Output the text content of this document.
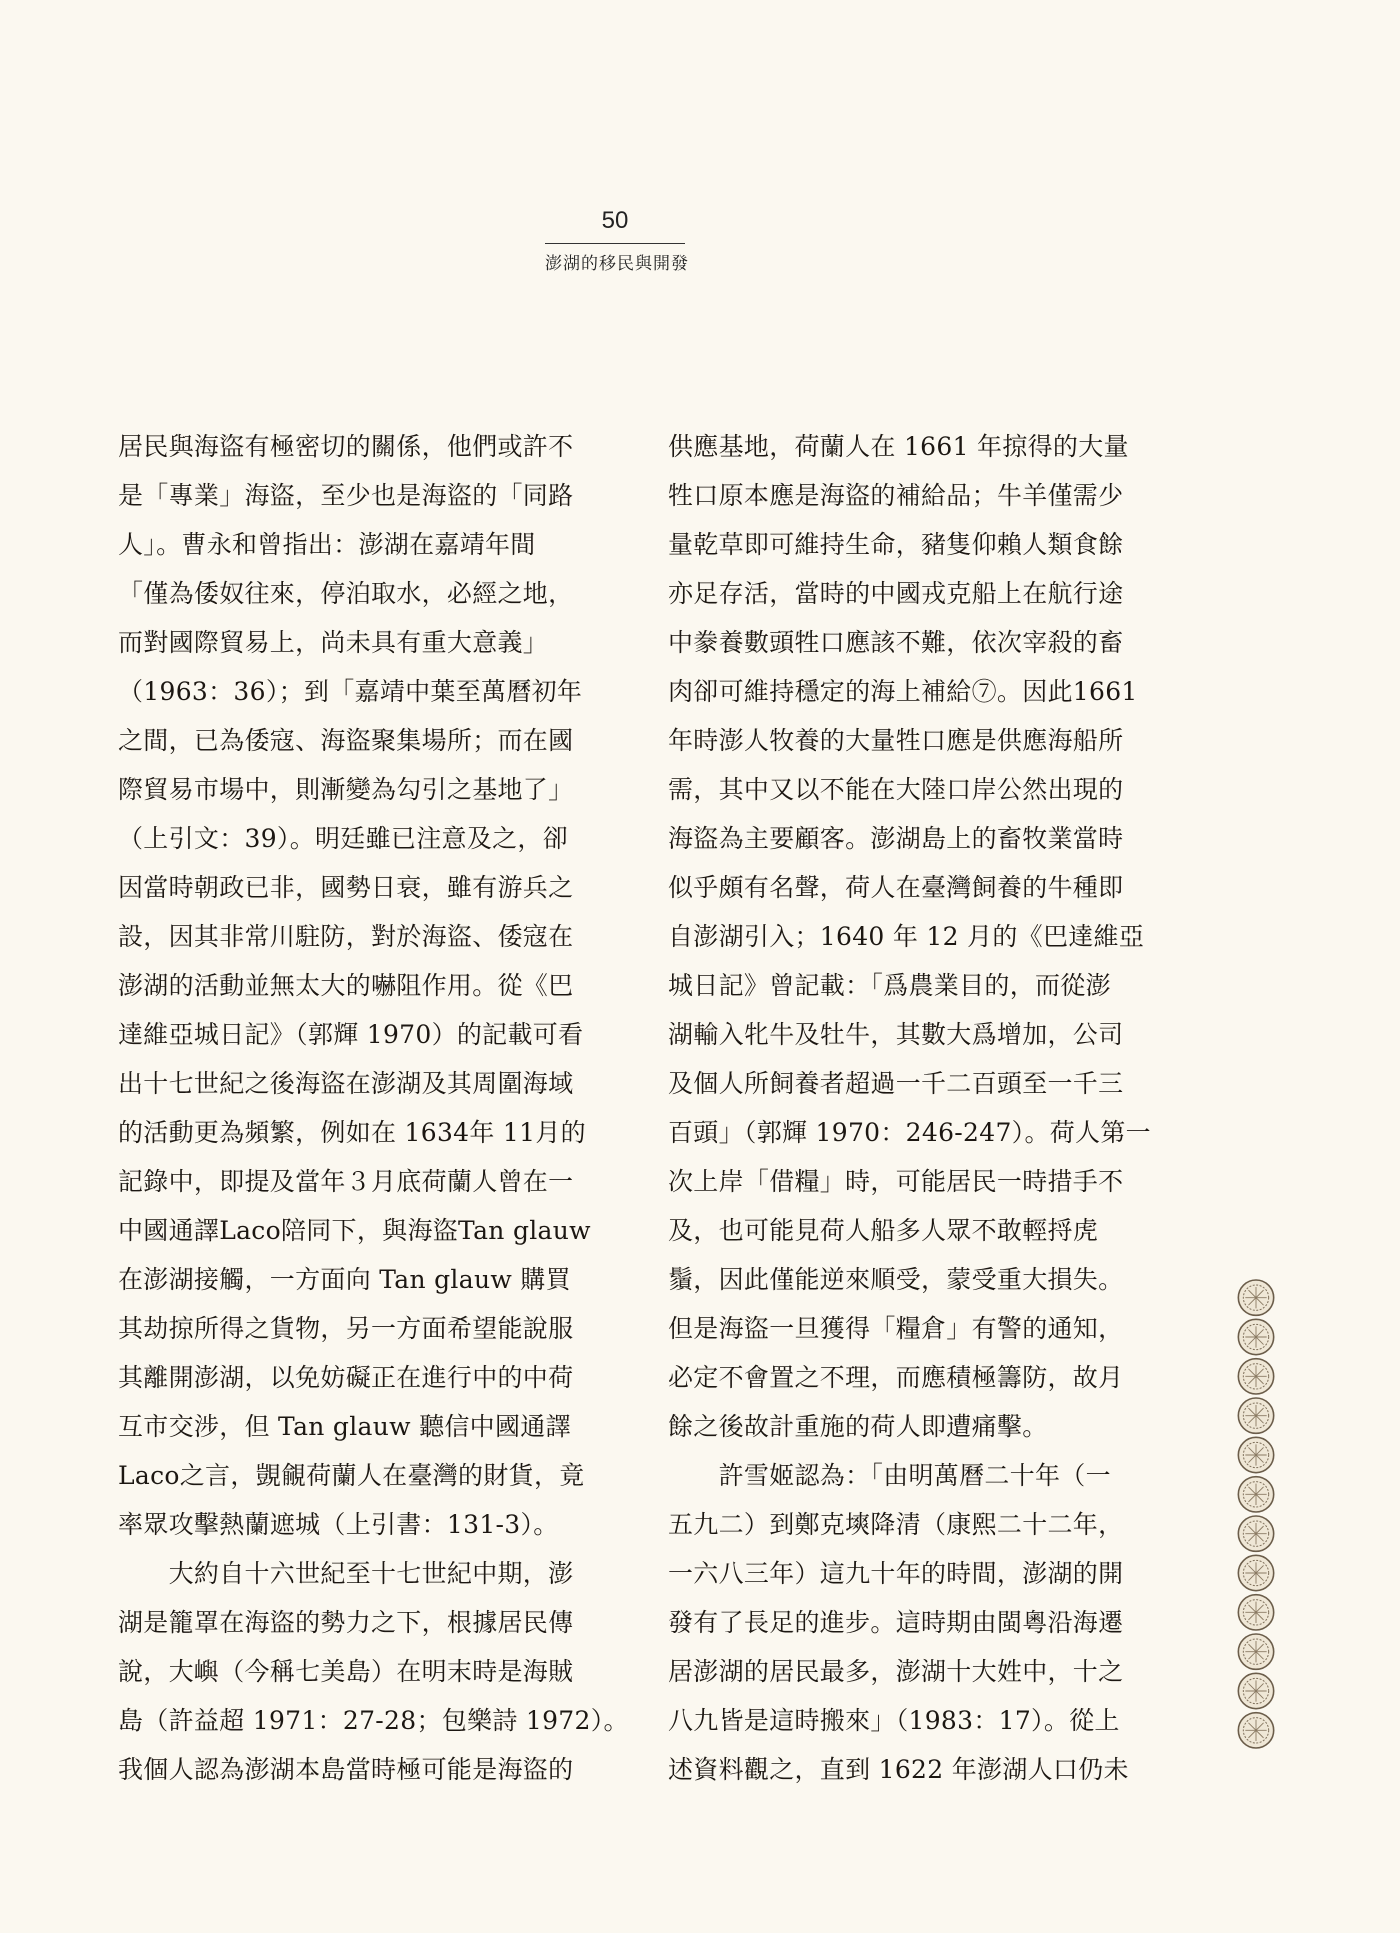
50
澎湖的移民與開發
居民與海盜有極密切的關係，他們或許不
是「專業」海盜，至少也是海盜的「同路
人」。曹永和曾指出：澎湖在嘉靖年間
「僅為倭奴往來，停泊取水，必經之地，
而對國際貿易上，尚未具有重大意義」
（1963：36）；到「嘉靖中葉至萬曆初年
之間，已為倭寇、海盜聚集場所；而在國
際貿易市場中，則漸變為勾引之基地了」
（上引文：39）。明廷雖已注意及之，卻
因當時朝政已非，國勢日衰，雖有游兵之
設，因其非常川駐防，對於海盜、倭寇在
澎湖的活動並無太大的嚇阻作用。從《巴
達維亞城日記》（郭輝 1970）的記載可看
出十七世紀之後海盜在澎湖及其周圍海域
的活動更為頻繁，例如在 1634年 11月的
記錄中，即提及當年３月底荷蘭人曾在一
中國通譯Laco陪同下，與海盜Tan glauw
在澎湖接觸，一方面向 Tan glauw 購買
其劫掠所得之貨物，另一方面希望能說服
其離開澎湖，以免妨礙正在進行中的中荷
互市交涉，但 Tan glauw 聽信中國通譯
Laco之言，覬覦荷蘭人在臺灣的財貨，竟
率眾攻擊熱蘭遮城（上引書：131-3）。
　　大約自十六世紀至十七世紀中期，澎
湖是籠罩在海盜的勢力之下，根據居民傳
說，大嶼（今稱七美島）在明末時是海賊
島（許益超 1971：27-28；包樂詩 1972）。
我個人認為澎湖本島當時極可能是海盜的
供應基地，荷蘭人在 1661 年掠得的大量
牲口原本應是海盜的補給品；牛羊僅需少
量乾草即可維持生命，豬隻仰賴人類食餘
亦足存活，當時的中國戎克船上在航行途
中豢養數頭牲口應該不難，依次宰殺的畜
肉卻可維持穩定的海上補給⑦。因此1661
年時澎人牧養的大量牲口應是供應海船所
需，其中又以不能在大陸口岸公然出現的
海盜為主要顧客。澎湖島上的畜牧業當時
似乎頗有名聲，荷人在臺灣飼養的牛種即
自澎湖引入；1640 年 12 月的《巴達維亞
城日記》曾記載：「爲農業目的，而從澎
湖輸入牝牛及牡牛，其數大爲增加，公司
及個人所飼養者超過一千二百頭至一千三
百頭」（郭輝 1970：246-247）。荷人第一
次上岸「借糧」時，可能居民一時措手不
及，也可能見荷人船多人眾不敢輕捋虎
鬚，因此僅能逆來順受，蒙受重大損失。
但是海盜一旦獲得「糧倉」有警的通知，
必定不會置之不理，而應積極籌防，故月
餘之後故計重施的荷人即遭痛擊。
　　許雪姬認為：「由明萬曆二十年（一
五九二）到鄭克塽降清（康熙二十二年，
一六八三年）這九十年的時間，澎湖的開
發有了長足的進步。這時期由閩粵沿海遷
居澎湖的居民最多，澎湖十大姓中，十之
八九皆是這時搬來」（1983：17）。從上
述資料觀之，直到 1622 年澎湖人口仍未
